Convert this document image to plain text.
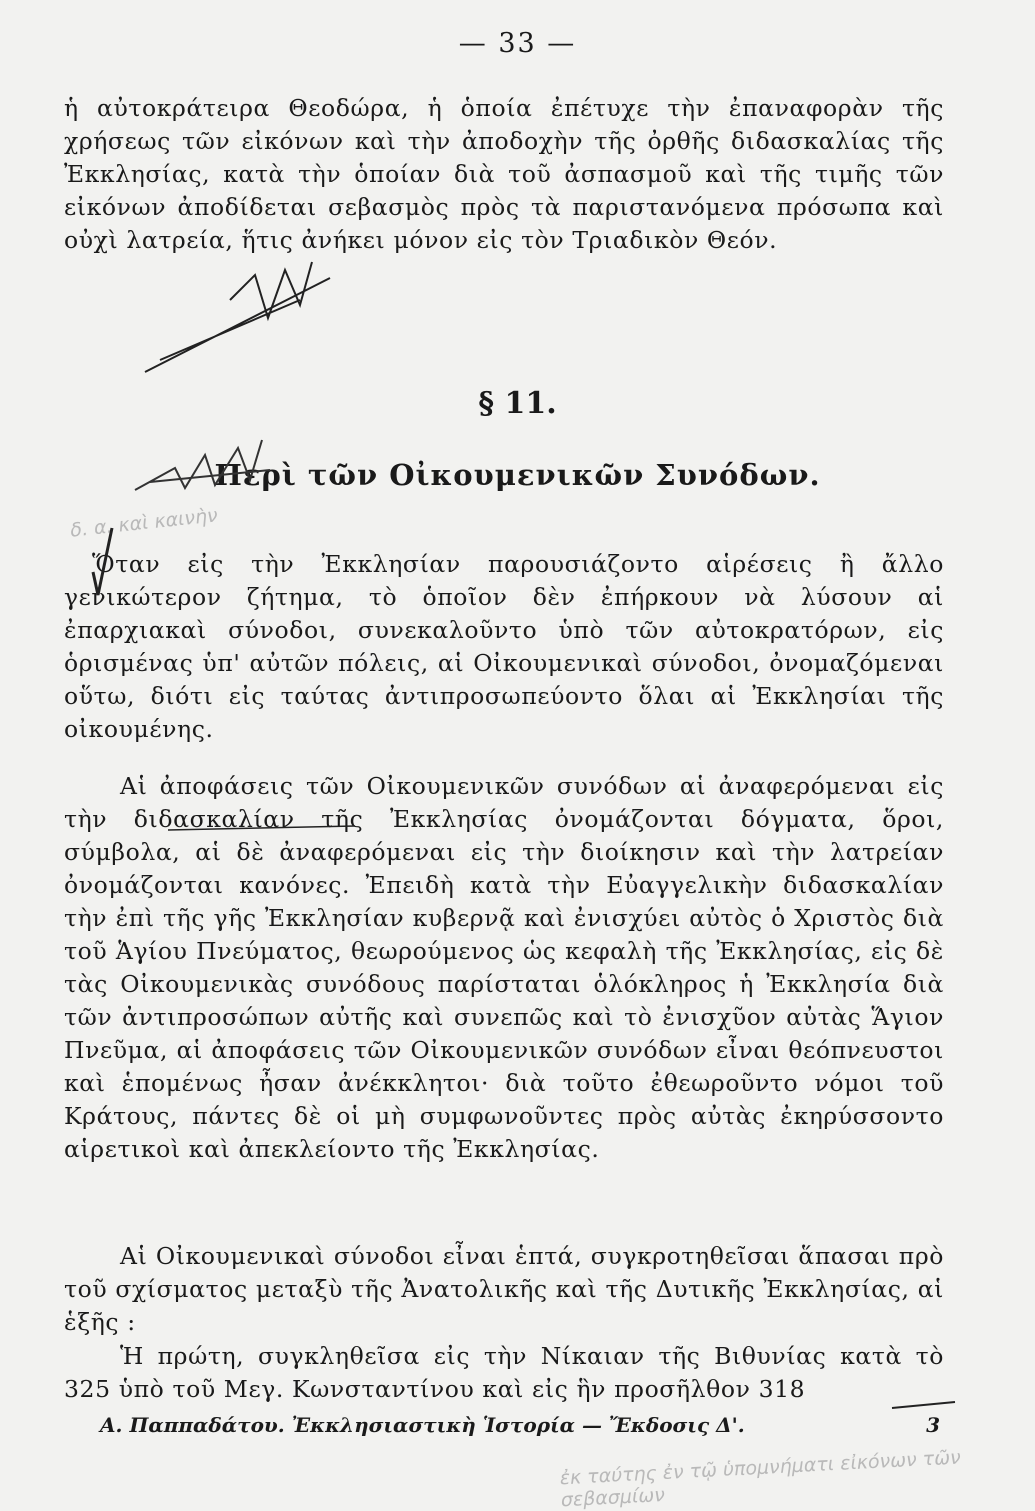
— 33 —
ἡ αὐτοκράτειρα Θεοδώρα, ἡ ὁποία ἐπέτυχε τὴν ἐπαναφορὰν τῆς χρήσεως τῶν εἰκόνων καὶ τὴν ἀποδοχὴν τῆς ὀρθῆς διδασκαλίας τῆς Ἐκκλησίας, κατὰ τὴν ὁποίαν διὰ τοῦ ἀσπασμοῦ καὶ τῆς τιμῆς τῶν εἰκόνων ἀποδίδεται σεβασμὸς πρὸς τὰ παριστανόμενα πρόσωπα καὶ οὐχὶ λατρεία, ἥτις ἀνήκει μόνον εἰς τὸν Τριαδικὸν Θεόν.
§ 11.
Περὶ τῶν Οἰκουμενικῶν Συνόδων.
Ὅταν εἰς τὴν Ἐκκλησίαν παρουσιάζοντο αἱρέσεις ἢ ἄλλο γενικώτερον ζήτημα, τὸ ὁποῖον δὲν ἐπήρκουν νὰ λύσουν αἱ ἐπαρχιακαὶ σύνοδοι, συνεκαλοῦντο ὑπὸ τῶν αὐτοκρατόρων, εἰς ὁρισμένας ὑπ' αὐτῶν πόλεις, αἱ Οἰκουμενικαὶ σύνοδοι, ὀνομαζόμεναι οὕτω, διότι εἰς ταύτας ἀντιπροσωπεύοντο ὅλαι αἱ Ἐκκλησίαι τῆς οἰκουμένης.
Αἱ ἀποφάσεις τῶν Οἰκουμενικῶν συνόδων αἱ ἀναφερόμεναι εἰς τὴν διδασκαλίαν τῆς Ἐκκλησίας ὀνομάζονται δόγματα, ὅροι, σύμβολα, αἱ δὲ ἀναφερόμεναι εἰς τὴν διοίκησιν καὶ τὴν λατρείαν ὀνομάζονται κανόνες. Ἐπειδὴ κατὰ τὴν Εὐαγγελικὴν διδασκαλίαν τὴν ἐπὶ τῆς γῆς Ἐκκλησίαν κυβερνᾷ καὶ ἐνισχύει αὐτὸς ὁ Χριστὸς διὰ τοῦ Ἁγίου Πνεύματος, θεωρούμενος ὡς κεφαλὴ τῆς Ἐκκλησίας, εἰς δὲ τὰς Οἰκουμενικὰς συνόδους παρίσταται ὁλόκληρος ἡ Ἐκκλησία διὰ τῶν ἀντιπροσώπων αὐτῆς καὶ συνεπῶς καὶ τὸ ἐνισχῦον αὐτὰς Ἅγιον Πνεῦμα, αἱ ἀποφάσεις τῶν Οἰκουμενικῶν συνόδων εἶναι θεόπνευστοι καὶ ἑπομένως ἦσαν ἀνέκκλητοι· διὰ τοῦτο ἐθεωροῦντο νόμοι τοῦ Κράτους, πάντες δὲ οἱ μὴ συμφωνοῦντες πρὸς αὐτὰς ἐκηρύσσοντο αἱρετικοὶ καὶ ἀπεκλείοντο τῆς Ἐκκλησίας.
Αἱ Οἰκουμενικαὶ σύνοδοι εἶναι ἑπτά, συγκροτηθεῖσαι ἅπασαι πρὸ τοῦ σχίσματος μεταξὺ τῆς Ἀνατολικῆς καὶ τῆς Δυτικῆς Ἐκκλησίας, αἱ ἑξῆς :
Ἡ πρώτη, συγκληθεῖσα εἰς τὴν Νίκαιαν τῆς Βιθυνίας κατὰ τὸ 325 ὑπὸ τοῦ Μεγ. Κωνσταντίνου καὶ εἰς ἣν προσῆλθον 318
Α. Παππαδάτου. Ἐκκλησιαστικὴ Ἱστορία — Ἔκδοσις Δ'.	3
δ. α. καὶ καινὴν
ἐκ ταύτης ἐν τῷ ὑπομνήματι εἰκόνων τῶν σεβασμίων
